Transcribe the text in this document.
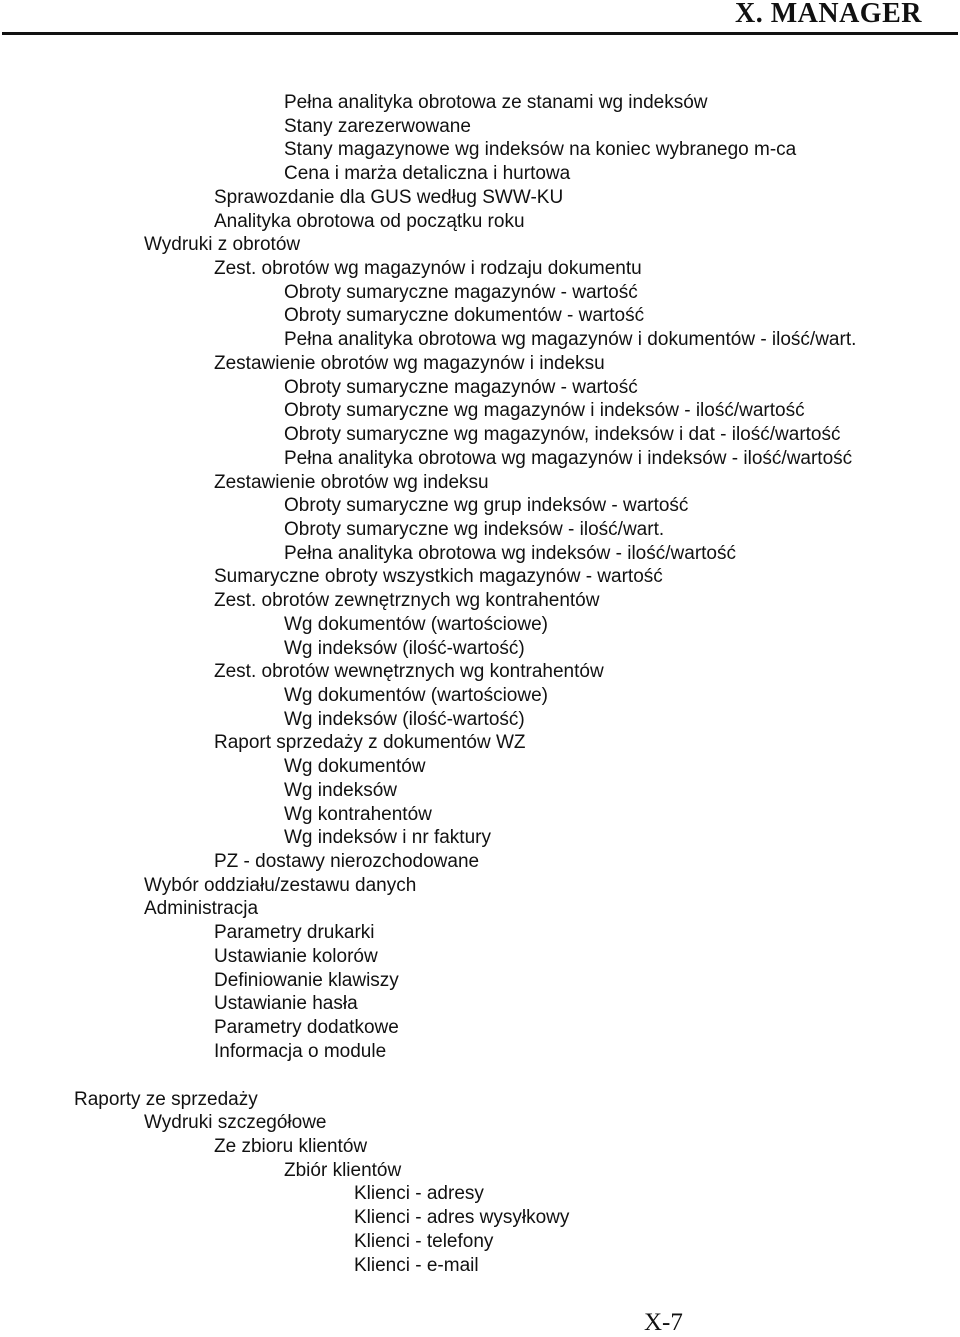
X. MANAGER
Pełna analityka obrotowa ze stanami wg indeksów
Stany zarezerwowane
Stany magazynowe wg indeksów na koniec wybranego m-ca
Cena i marża detaliczna i hurtowa
Sprawozdanie dla GUS według SWW-KU
Analityka obrotowa od początku roku
Wydruki z obrotów
Zest. obrotów wg magazynów i rodzaju dokumentu
Obroty sumaryczne magazynów - wartość
Obroty sumaryczne dokumentów - wartość
Pełna analityka obrotowa wg magazynów i dokumentów - ilość/wart.
Zestawienie obrotów wg magazynów i indeksu
Obroty sumaryczne magazynów - wartość
Obroty sumaryczne wg magazynów i indeksów - ilość/wartość
Obroty sumaryczne wg magazynów, indeksów i dat - ilość/wartość
Pełna analityka obrotowa wg magazynów i indeksów - ilość/wartość
Zestawienie obrotów wg indeksu
Obroty sumaryczne wg grup indeksów - wartość
Obroty sumaryczne wg indeksów - ilość/wart.
Pełna analityka obrotowa wg indeksów - ilość/wartość
Sumaryczne obroty wszystkich magazynów - wartość
Zest. obrotów zewnętrznych wg kontrahentów
Wg dokumentów (wartościowe)
Wg indeksów (ilość-wartość)
Zest. obrotów wewnętrznych wg kontrahentów
Wg dokumentów (wartościowe)
Wg indeksów (ilość-wartość)
Raport sprzedaży z dokumentów WZ
Wg dokumentów
Wg indeksów
Wg kontrahentów
Wg indeksów i nr faktury
PZ - dostawy nierozchodowane
Wybór oddziału/zestawu danych
Administracja
Parametry drukarki
Ustawianie kolorów
Definiowanie klawiszy
Ustawianie hasła
Parametry dodatkowe
Informacja o module
Raporty ze sprzedaży
Wydruki szczegółowe
Ze zbioru klientów
Zbiór klientów
Klienci - adresy
Klienci - adres wysyłkowy
Klienci - telefony
Klienci - e-mail
X-7
